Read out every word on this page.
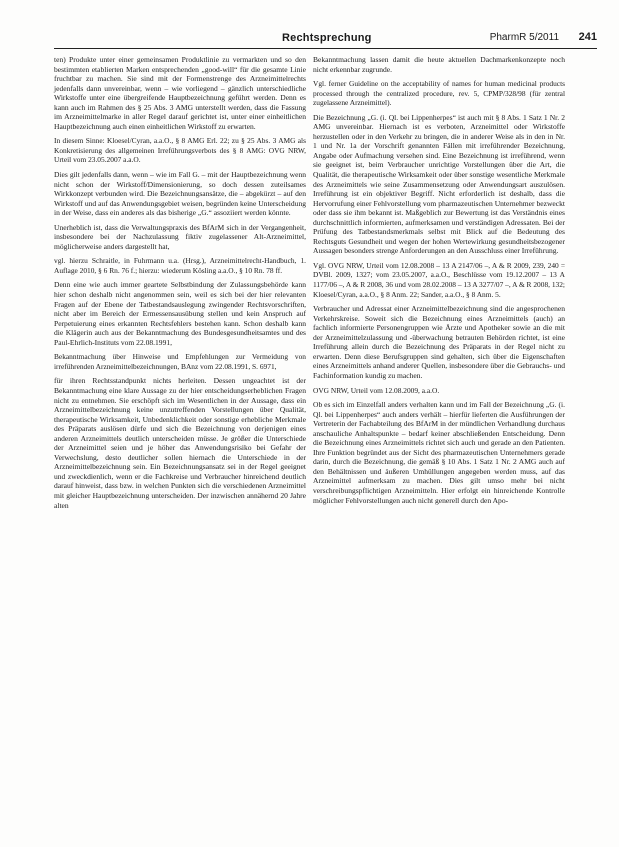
Rechtsprechung	PharmR 5/2011 241

ten) Produkte unter einer gemeinsamen Produktlinie zu vermarkten und so den bestimmten etablierten Marken entsprechenden „good-will“ für die gesamte Linie fruchtbar zu machen. Sie sind mit der Formenstrenge des Arzneimittelrechts jedenfalls dann unvereinbar, wenn – wie vorliegend – gänzlich unterschiedliche Wirkstoffe unter eine übergreifende Hauptbezeichnung geführt werden. Denn es kann auch im Rahmen des § 25 Abs. 3 AMG unterstellt werden, dass die Fassung im Arzneimittelmarke in aller Regel darauf gerichtet ist, unter einer einheitlichen Hauptbezeichnung auch einen einheitlichen Wirkstoff zu erwarten.

In diesem Sinne: Kloesel/Cyran, a.a.O., § 8 AMG Erl. 22; zu § 25 Abs. 3 AMG als Konkretisierung des allgemeinen Irreführungsverbots des § 8 AMG: OVG NRW, Urteil vom 23.05.2007 a.a.O.

Dies gilt jedenfalls dann, wenn – wie im Fall G. – mit der Hauptbezeichnung wenn nicht schon der Wirkstoff/Dimensionierung, so doch dessen zuteilsames Wirkkonzept verbunden wird. Die Bezeichnungsansätze, die – abgekürzt – auf den Wirkstoff und auf das Anwendungsgebiet weisen, begründen keine Unterscheidung in der Weise, dass ein anderes als das bisherige „G.“ assoziiert werden könnte.

Unerheblich ist, dass die Verwaltungspraxis des BfArM sich in der Vergangenheit, insbesondere bei der Nachzulassung fiktiv zugelassener Alt-Arzneimittel, möglicherweise anders dargestellt hat,

vgl. hierzu Schraitle, in Fuhrmann u.a. (Hrsg.), Arzneimittelrecht-Handbuch, 1. Auflage 2010, § 6 Rn. 76 f.; hierzu: wiederum Kösling a.a.O., § 10 Rn. 78 ff.

Denn eine wie auch immer geartete Selbstbindung der Zulassungsbehörde kann hier schon deshalb nicht angenommen sein, weil es sich bei der hier relevanten Fragen auf der Ebene der Tatbestandsauslegung zwingender Rechtsvorschriften, nicht aber im Bereich der Ermessensausübung stellen und kein Anspruch auf Perpetuierung eines erkannten Rechtsfehlers bestehen kann. Schon deshalb kann die Klägerin auch aus der Bekanntmachung des Bundesgesundheitsamtes und des Paul-Ehrlich-Instituts vom 22.08.1991,

Bekanntmachung über Hinweise und Empfehlungen zur Vermeidung von irreführenden Arzneimittelbezeichnungen, BAnz vom 22.08.1991, S. 6971,

für ihren Rechtsstandpunkt nichts herleiten. Dessen ungeachtet ist der Bekanntmachung eine klare Aussage zu der hier entscheidungserheblichen Fragen nicht zu entnehmen. Sie erschöpft sich im Wesentlichen in der Aussage, dass ein Arzneimittelbezeichnung keine unzutreffenden Vorstellungen über Qualität, therapeutische Wirksamkeit, Unbedenklichkeit oder sonstige erhebliche Merkmale des Präparats auslösen dürfe und sich die Bezeichnung von derjenigen eines anderen Arzneimittels deutlich unterscheiden müsse. Je größer die Unterschiede der Arzneimittel seien und je höher das Anwendungsrisiko bei Gefahr der Verwechslung, desto deutlicher sollen hiernach die Unterschiede in der Arzneimittelbezeichnung sein. Ein Bezeichnungsansatz sei in der Regel geeignet und zweckdienlich, wenn er die Fachkreise und Verbraucher hinreichend deutlich darauf hinweist, dass bzw. in welchen Punkten sich die verschiedenen Arzneimittel mit gleicher Hauptbezeichnung unterscheiden. Der inzwischen annähernd 20 Jahre alten

Bekanntmachung lassen damit die heute aktuellen Dachmarkenkonzepte noch nicht erkennbar zugrunde.

Vgl. ferner Guideline on the acceptability of names for human medicinal products processed through the centralized procedure, rev. 5, CPMP/328/98 (für zentral zugelassene Arzneimittel).

Die Bezeichnung „G. (i. Ql. bei Lippenherpes“ ist auch mit § 8 Abs. 1 Satz 1 Nr. 2 AMG unvereinbar. Hiernach ist es verboten, Arzneimittel oder Wirkstoffe herzustellen oder in den Verkehr zu bringen, die in anderer Weise als in den in Nr. 1 und Nr. 1a der Vorschrift genannten Fällen mit irreführender Bezeichnung, Angabe oder Aufmachung versehen sind. Eine Bezeichnung ist irreführend, wenn sie geeignet ist, beim Verbraucher unrichtige Vorstellungen über die Art, die Qualität, die therapeutische Wirksamkeit oder über sonstige wesentliche Merkmale des Arzneimittels wie seine Zusammensetzung oder Anwendungsart auszulösen. Irreführung ist ein objektiver Begriff. Nicht erforderlich ist deshalb, dass die Hervorrufung einer Fehlvorstellung vom pharmazeutischen Unternehmer bezweckt oder dass sie ihm bekannt ist. Maßgeblich zur Bewertung ist das Verständnis eines durchschnittlich informierten, aufmerksamen und verständigen Adressaten. Bei der Prüfung des Tatbestandsmerkmals selbst mit Blick auf die Bedeutung des Rechtsguts Gesundheit und wegen der hohen Wertewirkung gesundheitsbezogener Aussagen besonders strenge Anforderungen an den Ausschluss einer Irreführung.

Vgl. OVG NRW, Urteil vom 12.08.2008 – 13 A 2147/06 –, A & R 2009, 239, 240 = DVBl. 2009, 1327; vom 23.05.2007, a.a.O., Beschlüsse vom 19.12.2007 – 13 A 1177/06 –, A & R 2008, 36 und vom 28.02.2008 – 13 A 3277/07 –, A & R 2008, 132; Kloesel/Cyran, a.a.O., § 8 Anm. 22; Sander, a.a.O., § 8 Anm. 5.

Verbraucher und Adressat einer Arzneimittelbezeichnung sind die angesprochenen Verkehrskreise. Soweit sich die Bezeichnung eines Arzneimittels (auch) an fachlich informierte Personengruppen wie Ärzte und Apotheker sowie an die mit der Arzneimittelzulassung und -überwachung betrauten Behörden richtet, ist eine Irreführung allein durch die Bezeichnung des Präparats in der Regel nicht zu erwarten. Denn diese Berufsgruppen sind gehalten, sich über die Eigenschaften eines Arzneimittels anhand anderer Quellen, insbesondere über die Gebrauchs- und Fachinformation kundig zu machen.

OVG NRW, Urteil vom 12.08.2009, a.a.O.

Ob es sich im Einzelfall anders verhalten kann und im Fall der Bezeichnung „G. (i. Ql. bei Lippenherpes“ auch anders verhält – hierfür lieferten die Ausführungen der Vertreterin der Fachabteilung des BfArM in der mündlichen Verhandlung durchaus anschauliche Anhaltspunkte – bedarf keiner abschließenden Entscheidung. Denn die Bezeichnung eines Arzneimittels richtet sich auch und gerade an den Patienten. Ihre Funktion begründet aus der Sicht des pharmazeutischen Unternehmers gerade darin, durch die Bezeichnung, die gemäß § 10 Abs. 1 Satz 1 Nr. 2 AMG auch auf den Behältnissen und äußeren Umhüllungen angegeben werden muss, auf das Arzneimittel aufmerksam zu machen. Dies gilt umso mehr bei nicht verschreibungspflichtigen Arzneimitteln. Hier erfolgt ein hinreichende Kontrolle möglicher Fehlvorstellungen auch nicht generell durch den Apo-
